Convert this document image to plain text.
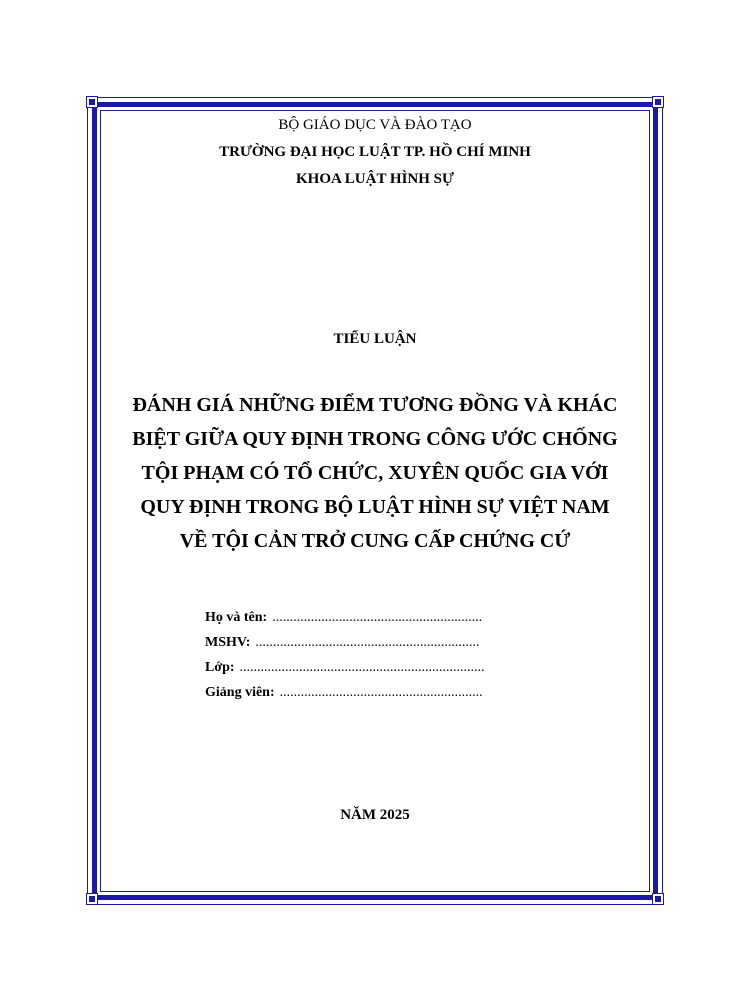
BỘ GIÁO DỤC VÀ ĐÀO TẠO
TRƯỜNG ĐẠI HỌC LUẬT TP. HỒ CHÍ MINH
KHOA LUẬT HÌNH SỰ
TIỂU LUẬN
ĐÁNH GIÁ NHỮNG ĐIỂM TƯƠNG ĐỒNG VÀ KHÁC
BIỆT GIỮA QUY ĐỊNH TRONG CÔNG ƯỚC CHỐNG
TỘI PHẠM CÓ TỔ CHỨC, XUYÊN QUỐC GIA VỚI
QUY ĐỊNH TRONG BỘ LUẬT HÌNH SỰ VIỆT NAM
VỀ TỘI CẢN TRỞ CUNG CẤP CHỨNG CỨ
Họ và tên: ............................................................
MSHV: ................................................................
Lớp: ......................................................................
Giảng viên: ..........................................................
NĂM 2025
